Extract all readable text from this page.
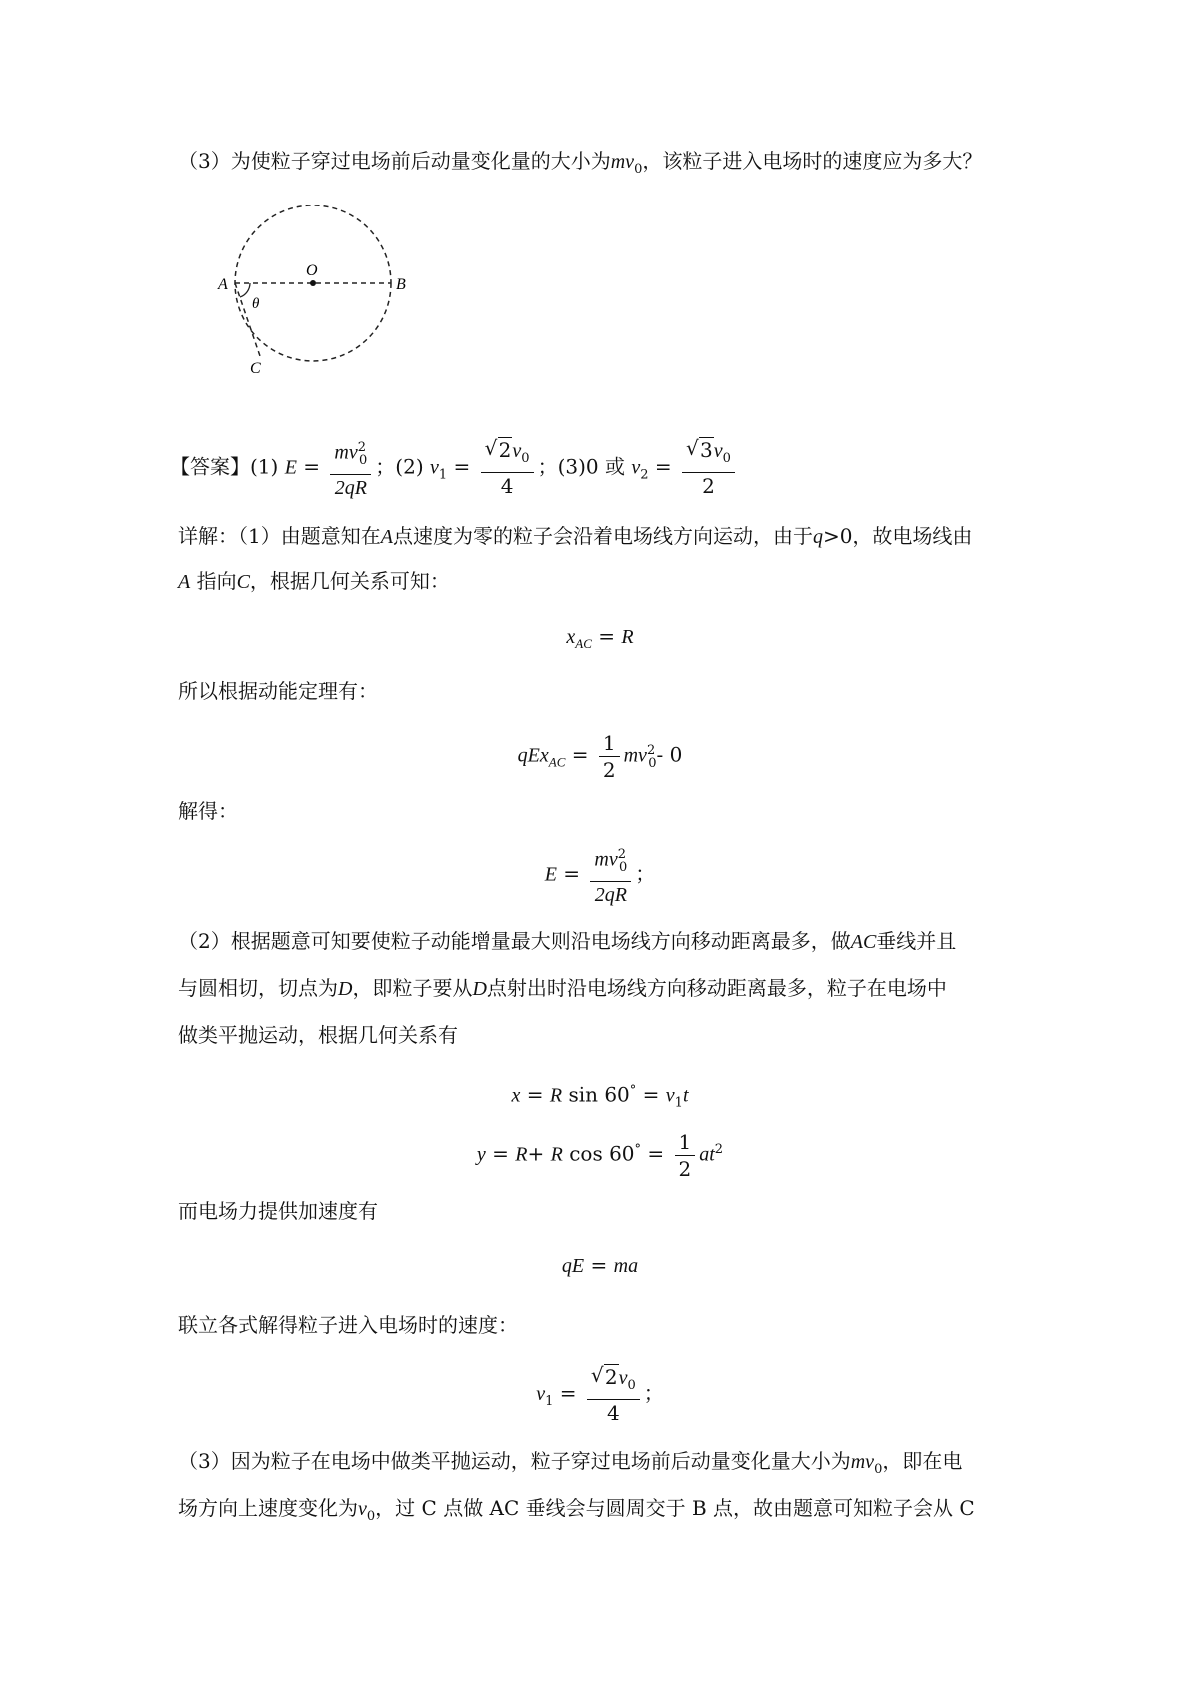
（3）为使粒子穿过电场前后动量变化量的大小为$mv_0$，该粒子进入电场时的速度应为多大？
A	B
O
C
θ
【答案】(1) $E = \frac{mv^2_0}{2qR}$ ；(2) $v_1 = \frac{√ 2v_0}{4}$ ；(3)0 或 $v_2 = \frac{√ 3v_0}{2}$
详解：（1）由题意知在A点速度为零的粒子会沿着电场线方向运动，由于q>0，故电场线由
A 指向C，根据几何关系可知：
$x_{AC} = R$
所以根据动能定理有：
$qEx_{AC} = \frac{1}{2} mv^2_0-$ 0
解得：
$E = \frac{mv^2_0}{2qR}$ ；
（2）根据题意可知要使粒子动能增量最大则沿电场线方向移动距离最多，做AC垂线并且
与圆相切，切点为D，即粒子要从D点射出时沿电场线方向移动距离最多，粒子在电场中
做类平抛运动，根据几何关系有
x = R $\sin 60^\circ = v_1t$
y = R+ R $\cos 60^\circ = \frac{1}{2} at^2$
而电场力提供加速度有
qE = ma
联立各式解得粒子进入电场时的速度：
$v_1 = \frac{√ 2v_0}{4}$ ；
（3）因为粒子在电场中做类平抛运动，粒子穿过电场前后动量变化量大小为$mv_0$，即在电
场方向上速度变化为$v_0$，过 C 点做 AC 垂线会与圆周交于 B 点，故由题意可知粒子会从 C
